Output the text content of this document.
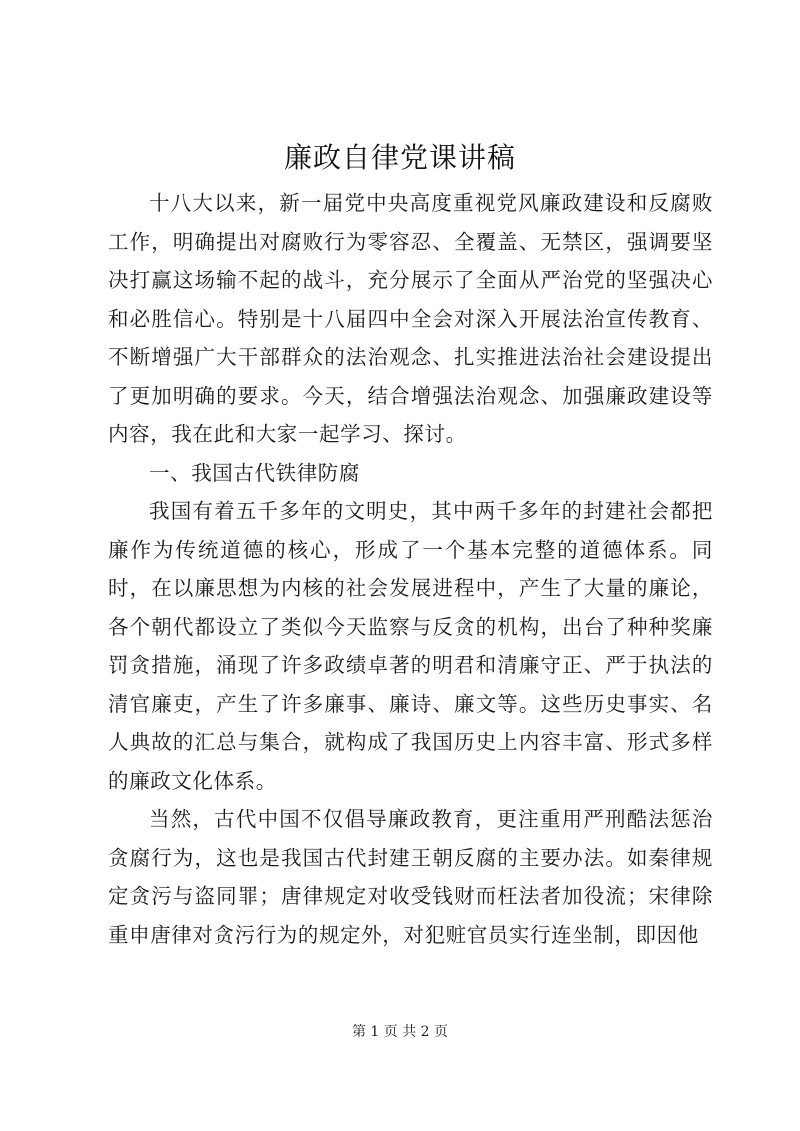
廉政自律党课讲稿

十八大以来，新一届党中央高度重视党风廉政建设和反腐败工作，明确提出对腐败行为零容忍、全覆盖、无禁区，强调要坚决打赢这场输不起的战斗，充分展示了全面从严治党的坚强决心和必胜信心。特别是十八届四中全会对深入开展法治宣传教育、不断增强广大干部群众的法治观念、扎实推进法治社会建设提出了更加明确的要求。今天，结合增强法治观念、加强廉政建设等内容，我在此和大家一起学习、探讨。

一、我国古代铁律防腐

我国有着五千多年的文明史，其中两千多年的封建社会都把廉作为传统道德的核心，形成了一个基本完整的道德体系。同时，在以廉思想为内核的社会发展进程中，产生了大量的廉论，各个朝代都设立了类似今天监察与反贪的机构，出台了种种奖廉罚贪措施，涌现了许多政绩卓著的明君和清廉守正、严于执法的清官廉吏，产生了许多廉事、廉诗、廉文等。这些历史事实、名人典故的汇总与集合，就构成了我国历史上内容丰富、形式多样的廉政文化体系。

当然，古代中国不仅倡导廉政教育，更注重用严刑酷法惩治贪腐行为，这也是我国古代封建王朝反腐的主要办法。如秦律规定贪污与盗同罪；唐律规定对收受钱财而枉法者加役流；宋律除重申唐律对贪污行为的规定外，对犯赃官员实行连坐制，即因他

第 1 页 共 2 页
